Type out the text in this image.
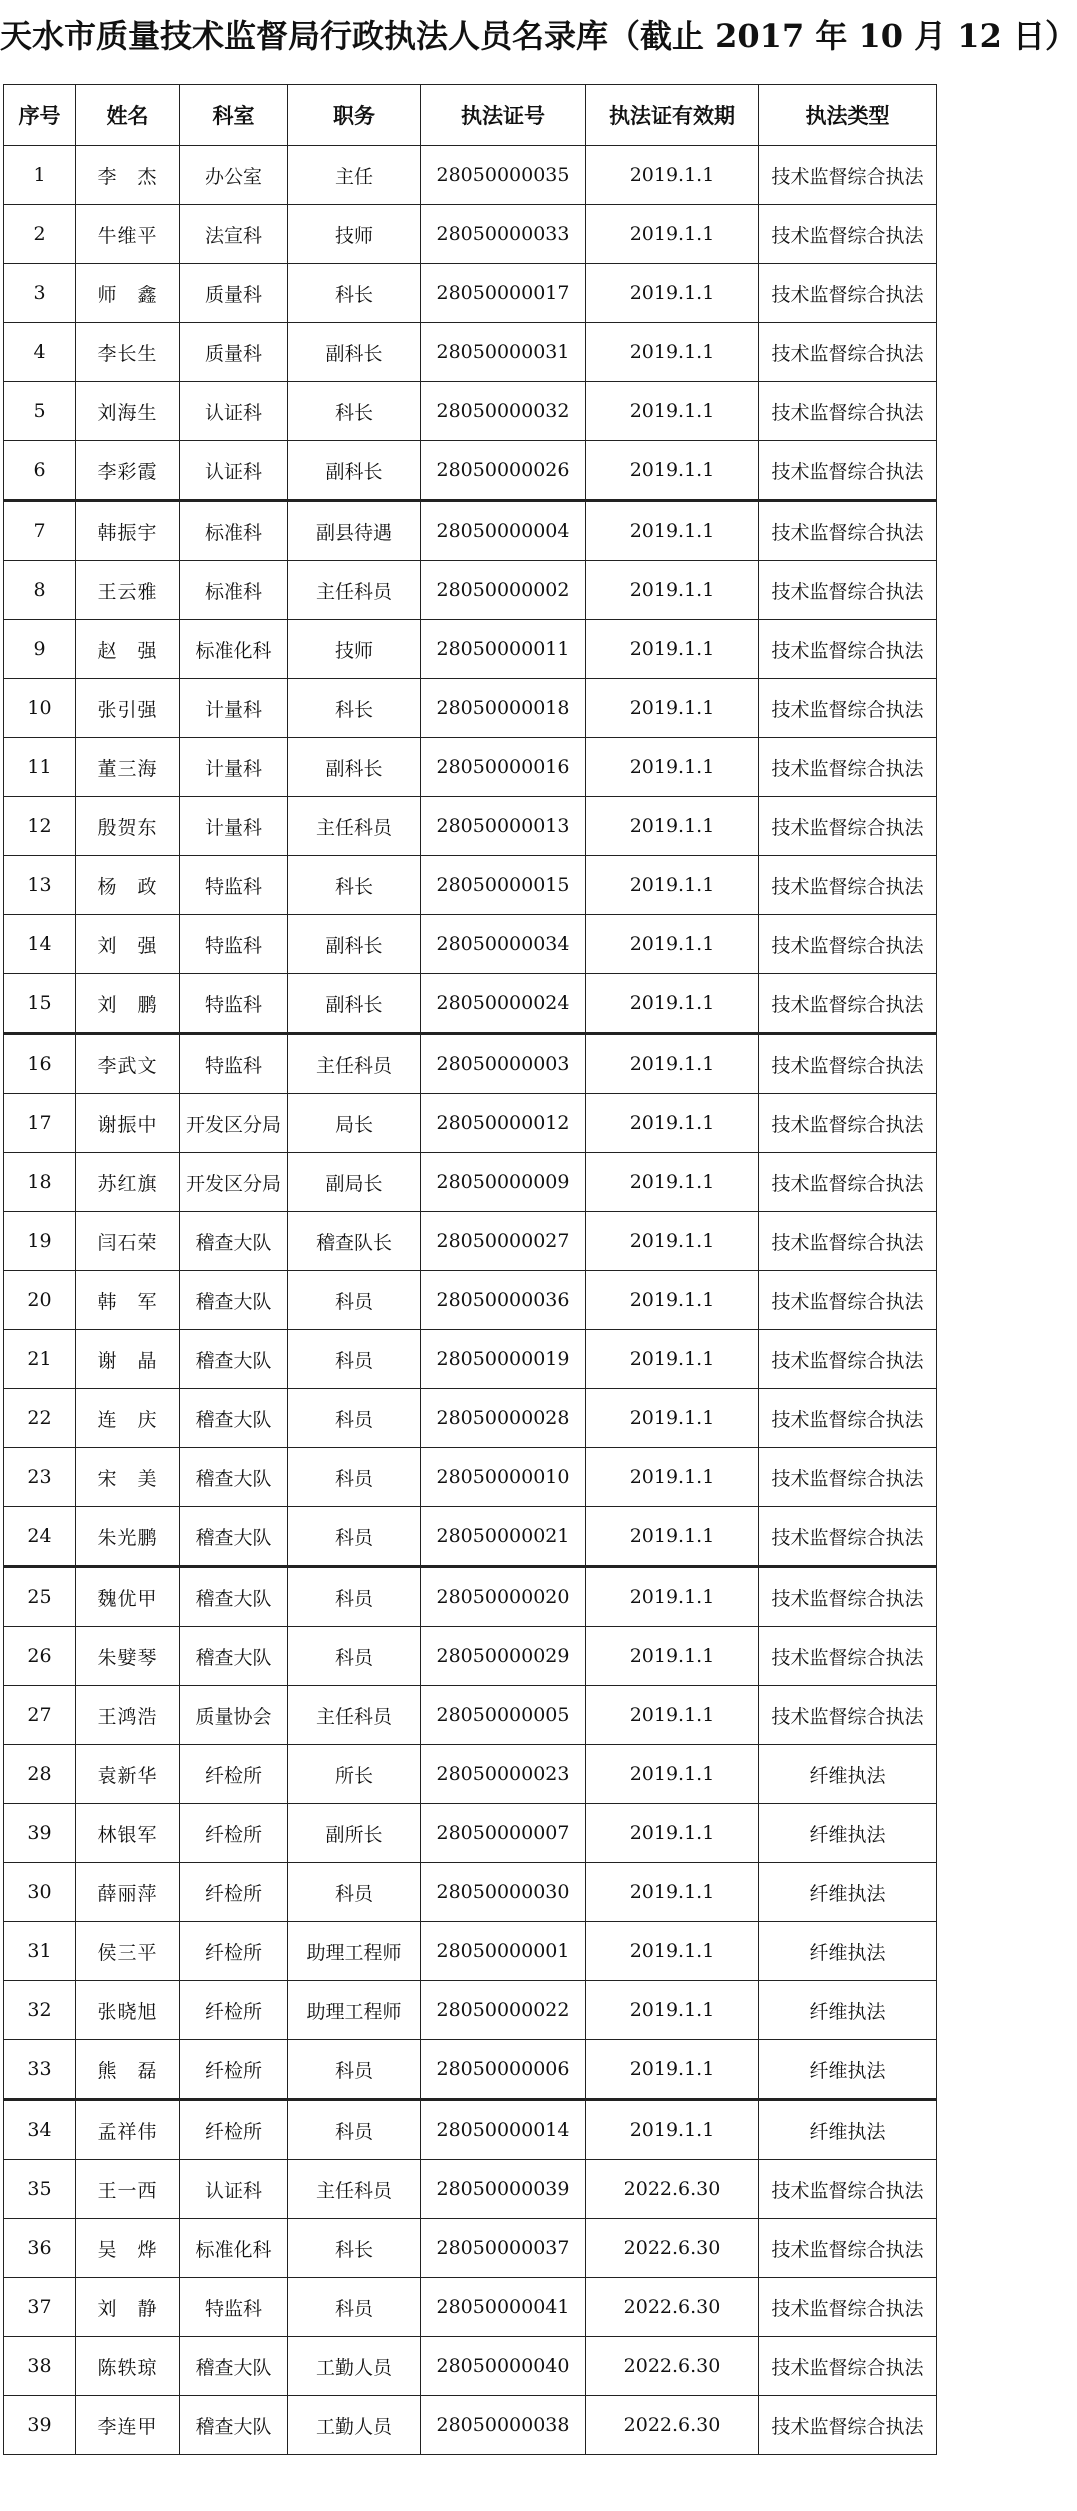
天水市质量技术监督局行政执法人员名录库（截止 2017 年 10 月 12 日）
序号	姓名	科室	职务	执法证号	执法证有效期	执法类型
1	李　杰	办公室	主任	28050000035	2019.1.1	技术监督综合执法
2	牛维平	法宣科	技师	28050000033	2019.1.1	技术监督综合执法
3	师　鑫	质量科	科长	28050000017	2019.1.1	技术监督综合执法
4	李长生	质量科	副科长	28050000031	2019.1.1	技术监督综合执法
5	刘海生	认证科	科长	28050000032	2019.1.1	技术监督综合执法
6	李彩霞	认证科	副科长	28050000026	2019.1.1	技术监督综合执法
7	韩振宇	标准科	副县待遇	28050000004	2019.1.1	技术监督综合执法
8	王云雅	标准科	主任科员	28050000002	2019.1.1	技术监督综合执法
9	赵　强	标准化科	技师	28050000011	2019.1.1	技术监督综合执法
10	张引强	计量科	科长	28050000018	2019.1.1	技术监督综合执法
11	董三海	计量科	副科长	28050000016	2019.1.1	技术监督综合执法
12	殷贺东	计量科	主任科员	28050000013	2019.1.1	技术监督综合执法
13	杨　政	特监科	科长	28050000015	2019.1.1	技术监督综合执法
14	刘　强	特监科	副科长	28050000034	2019.1.1	技术监督综合执法
15	刘　鹏	特监科	副科长	28050000024	2019.1.1	技术监督综合执法
16	李武文	特监科	主任科员	28050000003	2019.1.1	技术监督综合执法
17	谢振中	开发区分局	局长	28050000012	2019.1.1	技术监督综合执法
18	苏红旗	开发区分局	副局长	28050000009	2019.1.1	技术监督综合执法
19	闫石荣	稽查大队	稽查队长	28050000027	2019.1.1	技术监督综合执法
20	韩　军	稽查大队	科员	28050000036	2019.1.1	技术监督综合执法
21	谢　晶	稽查大队	科员	28050000019	2019.1.1	技术监督综合执法
22	连　庆	稽查大队	科员	28050000028	2019.1.1	技术监督综合执法
23	宋　美	稽查大队	科员	28050000010	2019.1.1	技术监督综合执法
24	朱光鹏	稽查大队	科员	28050000021	2019.1.1	技术监督综合执法
25	魏优甲	稽查大队	科员	28050000020	2019.1.1	技术监督综合执法
26	朱嬖琴	稽查大队	科员	28050000029	2019.1.1	技术监督综合执法
27	王鸿浩	质量协会	主任科员	28050000005	2019.1.1	技术监督综合执法
28	袁新华	纤检所	所长	28050000023	2019.1.1	纤维执法
39	林银军	纤检所	副所长	28050000007	2019.1.1	纤维执法
30	薛丽萍	纤检所	科员	28050000030	2019.1.1	纤维执法
31	侯三平	纤检所	助理工程师	28050000001	2019.1.1	纤维执法
32	张晓旭	纤检所	助理工程师	28050000022	2019.1.1	纤维执法
33	熊　磊	纤检所	科员	28050000006	2019.1.1	纤维执法
34	孟祥伟	纤检所	科员	28050000014	2019.1.1	纤维执法
35	王一西	认证科	主任科员	28050000039	2022.6.30	技术监督综合执法
36	吴　烨	标准化科	科长	28050000037	2022.6.30	技术监督综合执法
37	刘　静	特监科	科员	28050000041	2022.6.30	技术监督综合执法
38	陈轶琼	稽查大队	工勤人员	28050000040	2022.6.30	技术监督综合执法
39	李连甲	稽查大队	工勤人员	28050000038	2022.6.30	技术监督综合执法
